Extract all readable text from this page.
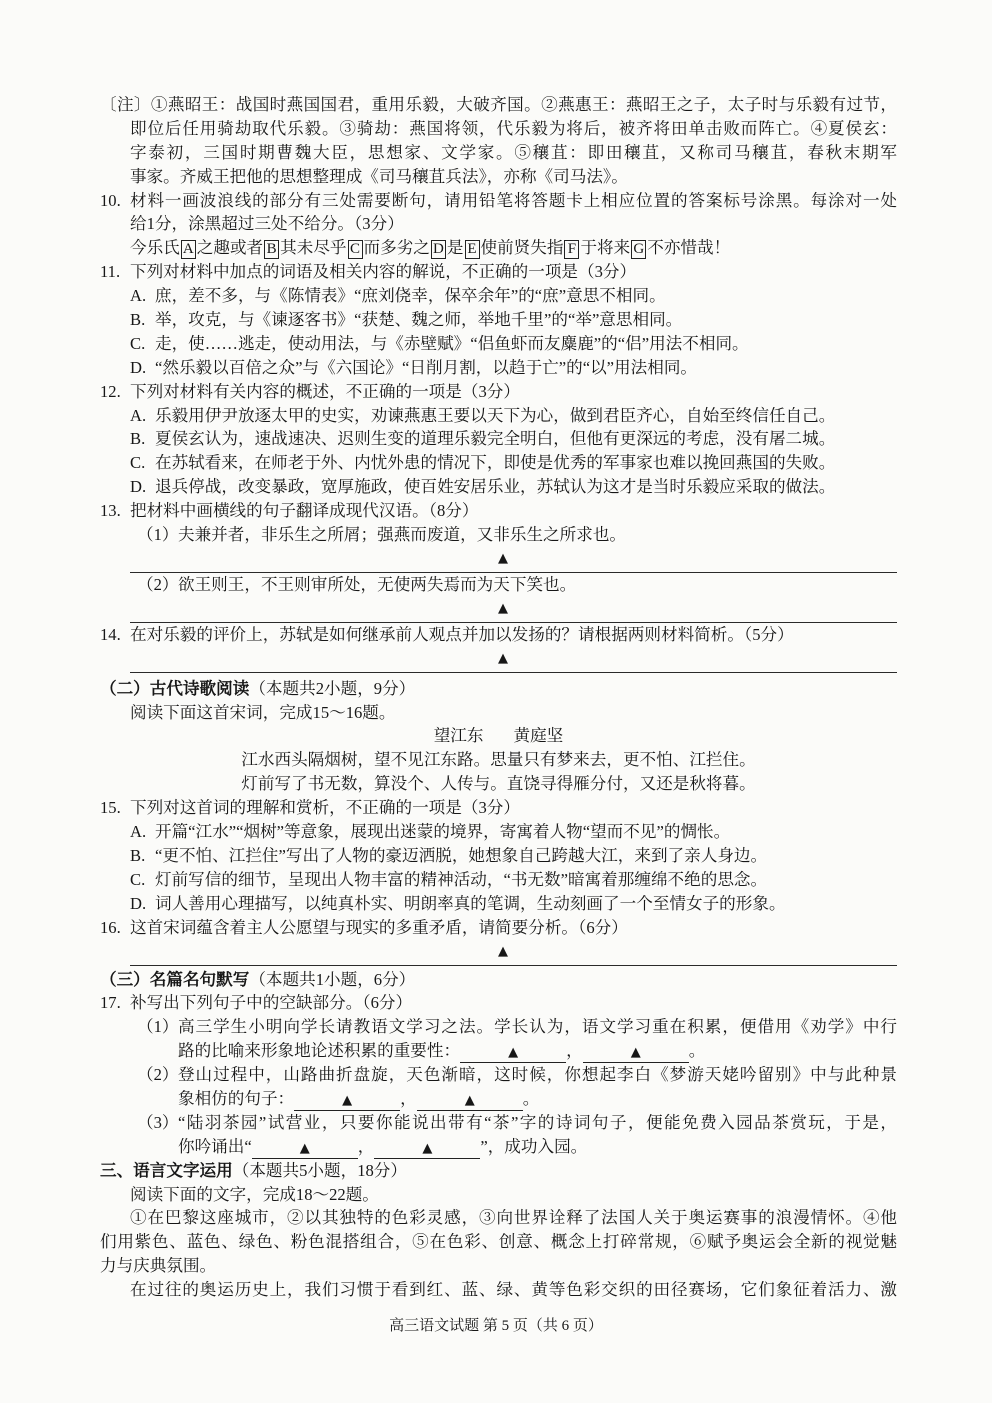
〔注〕①燕昭王：战国时燕国国君，重用乐毅，大破齐国。②燕惠王：燕昭王之子，太子时与乐毅有过节，
即位后任用骑劫取代乐毅。③骑劫：燕国将领，代乐毅为将后，被齐将田单击败而阵亡。④夏侯玄：
字泰初，三国时期曹魏大臣，思想家、文学家。⑤穰苴：即田穰苴，又称司马穰苴，春秋末期军
事家。齐威王把他的思想整理成《司马穰苴兵法》，亦称《司马法》。
10. 材料一画波浪线的部分有三处需要断句，请用铅笔将答题卡上相应位置的答案标号涂黑。每涂对一处
给1分，涂黑超过三处不给分。（3分）
今乐氏 A 之趣或者 B 其未尽乎 C 而多劣之 D 是 E 使前贤失指 F 于将来 G 不亦惜哉！
11. 下列对材料中加点的词语及相关内容的解说，不正确的一项是（3分）
A. 庶，差不多，与《陈情表》“庶刘侥幸，保卒余年”的“庶”意思不相同。
B. 举，攻克，与《谏逐客书》“获楚、魏之师，举地千里”的“举”意思相同。
C. 走，使……逃走，使动用法，与《赤壁赋》“侣鱼虾而友麋鹿”的“侣”用法不相同。
D. “然乐毅以百倍之众”与《六国论》“日削月割，以趋于亡”的“以”用法相同。
12. 下列对材料有关内容的概述，不正确的一项是（3分）
A. 乐毅用伊尹放逐太甲的史实，劝谏燕惠王要以天下为心，做到君臣齐心，自始至终信任自己。
B. 夏侯玄认为，速战速决、迟则生变的道理乐毅完全明白，但他有更深远的考虑，没有屠二城。
C. 在苏轼看来，在师老于外、内忧外患的情况下，即使是优秀的军事家也难以挽回燕国的失败。
D. 退兵停战，改变暴政，宽厚施政，使百姓安居乐业，苏轼认为这才是当时乐毅应采取的做法。
13. 把材料中画横线的句子翻译成现代汉语。（8分）
（1） 夫兼并者，非乐生之所屑；强燕而废道，又非乐生之所求也。
▲
（2） 欲王则王，不王则审所处，无使两失焉而为天下笑也。
▲
14. 在对乐毅的评价上，苏轼是如何继承前人观点并加以发扬的？请根据两则材料简析。（5分）
▲
（二）古代诗歌阅读（本题共2小题，9分）
阅读下面这首宋词，完成15～16题。
望江东 黄庭坚
江水西头隔烟树，望不见江东路。思量只有梦来去，更不怕、江拦住。
灯前写了书无数，算没个、人传与。直饶寻得雁分付，又还是秋将暮。
15. 下列对这首词的理解和赏析，不正确的一项是（3分）
A. 开篇“江水”“烟树”等意象，展现出迷蒙的境界，寄寓着人物“望而不见”的惆怅。
B. “更不怕、江拦住”写出了人物的豪迈洒脱，她想象自己跨越大江，来到了亲人身边。
C. 灯前写信的细节，呈现出人物丰富的精神活动，“书无数”暗寓着那缠绵不绝的思念。
D. 词人善用心理描写，以纯真朴实、明朗率真的笔调，生动刻画了一个至情女子的形象。
16. 这首宋词蕴含着主人公愿望与现实的多重矛盾，请简要分析。（6分）
▲
（三）名篇名句默写（本题共1小题，6分）
17. 补写出下列句子中的空缺部分。（6分）
（1） 高三学生小明向学长请教语文学习之法。学长认为，语文学习重在积累，便借用《劝学》中行
路的比喻来形象地论述积累的重要性：	▲	，	▲	。
（2） 登山过程中，山路曲折盘旋，天色渐暗，这时候，你想起李白《梦游天姥吟留别》中与此种景
象相仿的句子：	▲	，	▲	。
（3） “陆羽茶园”试营业，只要你能说出带有“茶”字的诗词句子，便能免费入园品茶赏玩，于是，
你吟诵出“	▲	，	▲	”，成功入园。
三、语言文字运用（本题共5小题，18分）
阅读下面的文字，完成18～22题。
①在巴黎这座城市，②以其独特的色彩灵感，③向世界诠释了法国人关于奥运赛事的浪漫情怀。④他
们用紫色、蓝色、绿色、粉色混搭组合，⑤在色彩、创意、概念上打碎常规，⑥赋予奥运会全新的视觉魅
力与庆典氛围。
在过往的奥运历史上，我们习惯于看到红、蓝、绿、黄等色彩交织的田径赛场，它们象征着活力、激
高三语文试题 第 5 页（共 6 页）
